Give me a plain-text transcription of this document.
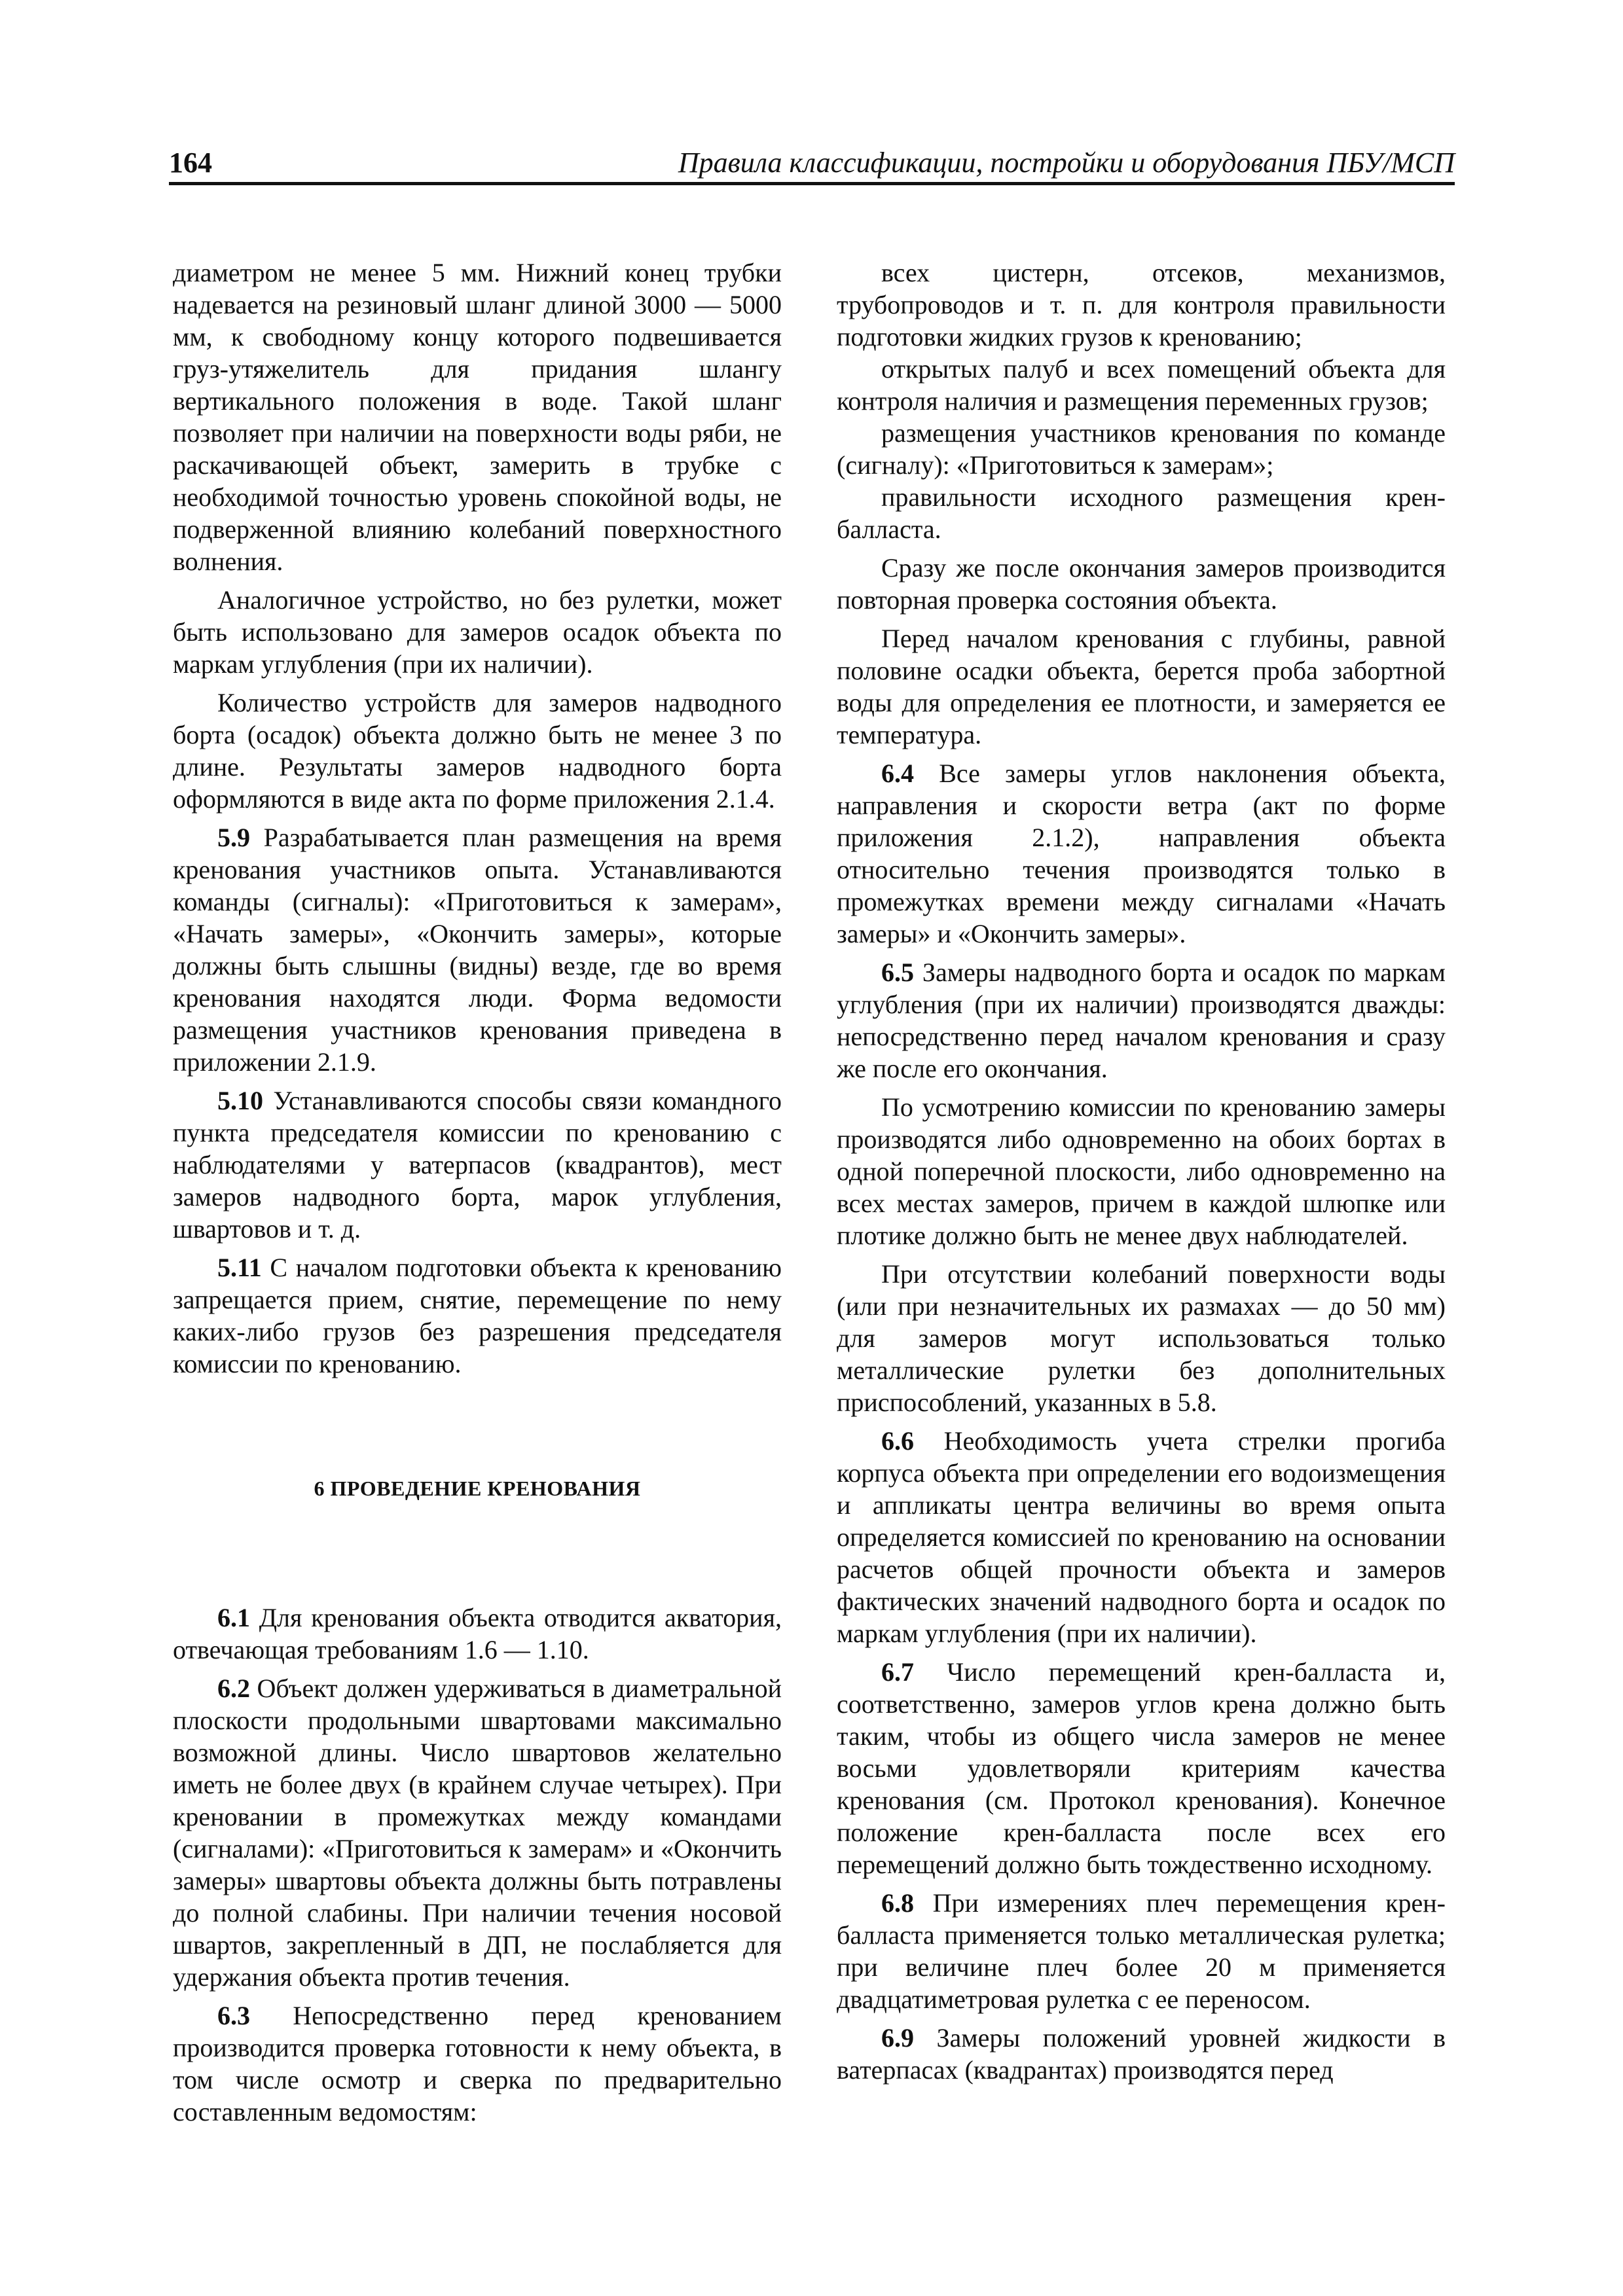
164	Правила классификации, постройки и оборудования ПБУ/МСП

диаметром не менее 5 мм. Нижний конец трубки надевается на резиновый шланг длиной 3000 — 5000 мм, к свободному концу которого подвешивается груз-утяжелитель для придания шлангу вертикального положения в воде. Такой шланг позволяет при наличии на поверхности воды ряби, не раскачивающей объект, замерить в трубке с необходимой точностью уровень спокойной воды, не подверженной влиянию колебаний поверхностного волнения.

Аналогичное устройство, но без рулетки, может быть использовано для замеров осадок объекта по маркам углубления (при их наличии).

Количество устройств для замеров надводного борта (осадок) объекта должно быть не менее 3 по длине. Результаты замеров надводного борта оформляются в виде акта по форме приложения 2.1.4.

5.9 Разрабатывается план размещения на время кренования участников опыта. Устанавливаются команды (сигналы): «Приготовиться к замерам», «Начать замеры», «Окончить замеры», которые должны быть слышны (видны) везде, где во время кренования находятся люди. Форма ведомости размещения участников кренования приведена в приложении 2.1.9.

5.10 Устанавливаются способы связи командного пункта председателя комиссии по кренованию с наблюдателями у ватерпасов (квадрантов), мест замеров надводного борта, марок углубления, швартовов и т. д.

5.11 С началом подготовки объекта к кренованию запрещается прием, снятие, перемещение по нему каких-либо грузов без разрешения председателя комиссии по кренованию.

6 ПРОВЕДЕНИЕ КРЕНОВАНИЯ

6.1 Для кренования объекта отводится акватория, отвечающая требованиям 1.6 — 1.10.

6.2 Объект должен удерживаться в диаметральной плоскости продольными швартовами максимально возможной длины. Число швартовов желательно иметь не более двух (в крайнем случае четырех). При креновании в промежутках между командами (сигналами): «Приготовиться к замерам» и «Окончить замеры» швартовы объекта должны быть потравлены до полной слабины. При наличии течения носовой швартов, закрепленный в ДП, не послабляется для удержания объекта против течения.

6.3 Непосредственно перед кренованием производится проверка готовности к нему объекта, в том числе осмотр и сверка по предварительно составленным ведомостям:

всех цистерн, отсеков, механизмов, трубопроводов и т. п. для контроля правильности подготовки жидких грузов к кренованию;

открытых палуб и всех помещений объекта для контроля наличия и размещения переменных грузов;

размещения участников кренования по команде (сигналу): «Приготовиться к замерам»;

правильности исходного размещения крен-балласта.

Сразу же после окончания замеров производится повторная проверка состояния объекта.

Перед началом кренования с глубины, равной половине осадки объекта, берется проба забортной воды для определения ее плотности, и замеряется ее температура.

6.4 Все замеры углов наклонения объекта, направления и скорости ветра (акт по форме приложения 2.1.2), направления объекта относительно течения производятся только в промежутках времени между сигналами «Начать замеры» и «Окончить замеры».

6.5 Замеры надводного борта и осадок по маркам углубления (при их наличии) производятся дважды: непосредственно перед началом кренования и сразу же после его окончания.

По усмотрению комиссии по кренованию замеры производятся либо одновременно на обоих бортах в одной поперечной плоскости, либо одновременно на всех местах замеров, причем в каждой шлюпке или плотике должно быть не менее двух наблюдателей.

При отсутствии колебаний поверхности воды (или при незначительных их размахах — до 50 мм) для замеров могут использоваться только металлические рулетки без дополнительных приспособлений, указанных в 5.8.

6.6 Необходимость учета стрелки прогиба корпуса объекта при определении его водоизмещения и аппликаты центра величины во время опыта определяется комиссией по кренованию на основании расчетов общей прочности объекта и замеров фактических значений надводного борта и осадок по маркам углубления (при их наличии).

6.7 Число перемещений крен-балласта и, соответственно, замеров углов крена должно быть таким, чтобы из общего числа замеров не менее восьми удовлетворяли критериям качества кренования (см. Протокол кренования). Конечное положение крен-балласта после всех его перемещений должно быть тождественно исходному.

6.8 При измерениях плеч перемещения крен-балласта применяется только металлическая рулетка; при величине плеч более 20 м применяется двадцатиметровая рулетка с ее переносом.

6.9 Замеры положений уровней жидкости в ватерпасах (квадрантах) производятся перед
